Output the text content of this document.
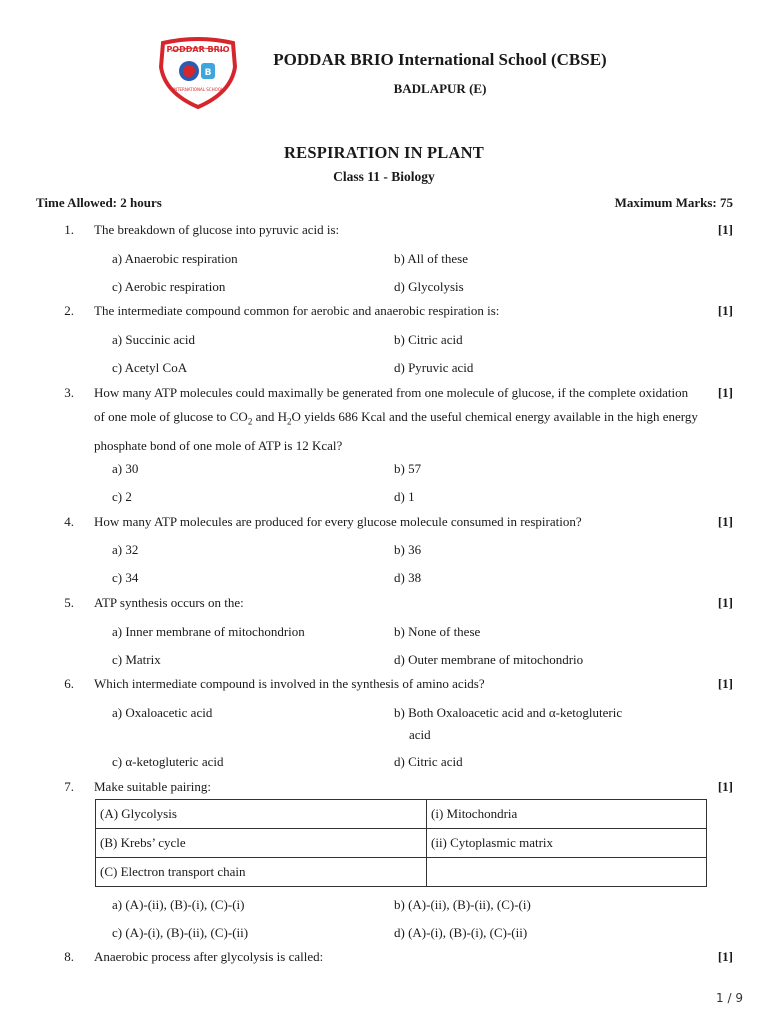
PODDAR BRIO
B
INTERNATIONAL SCHOOL
PODDAR BRIO International School (CBSE)
BADLAPUR (E)
RESPIRATION IN PLANT
Class 11 - Biology
Time Allowed: 2 hours	Maximum Marks: 75
1. The breakdown of glucose into pyruvic acid is:	[1]
a) Anaerobic respiration	b) All of these
c) Aerobic respiration	d) Glycolysis
2. The intermediate compound common for aerobic and anaerobic respiration is:	[1]
a) Succinic acid	b) Citric acid
c) Acetyl CoA	d) Pyruvic acid
3. How many ATP molecules could maximally be generated from one molecule of glucose, if the complete oxidation of one mole of glucose to $CO_2$ and $H_2O$ yields 686 Kcal and the useful chemical energy available in the high energy phosphate bond of one mole of ATP is 12 Kcal?
[1]
a) 30	b) 57
c) 2	d) 1
4. How many ATP molecules are produced for every glucose molecule consumed in respiration?	[1]
a) 32	b) 36
c) 34	d) 38
5. ATP synthesis occurs on the:	[1]
a) Inner membrane of mitochondrion	b) None of these
c) Matrix	d) Outer membrane of mitochondrio
6. Which intermediate compound is involved in the synthesis of amino acids?	[1]
a) Oxaloacetic acid	b) Both Oxaloacetic acid and α-ketogluteric
acid
c) α-ketogluteric acid	d) Citric acid
7. Make suitable pairing:	[1]
(A) Glycolysis	(i) Mitochondria
(B) Krebs’ cycle	(ii) Cytoplasmic matrix
(C) Electron transport chain	
a) (A)-(ii), (B)-(i), (C)-(i)	b) (A)-(ii), (B)-(ii), (C)-(i)
c) (A)-(i), (B)-(ii), (C)-(ii)	d) (A)-(i), (B)-(i), (C)-(ii)
8. Anaerobic process after glycolysis is called:	[1]
1 / 9
